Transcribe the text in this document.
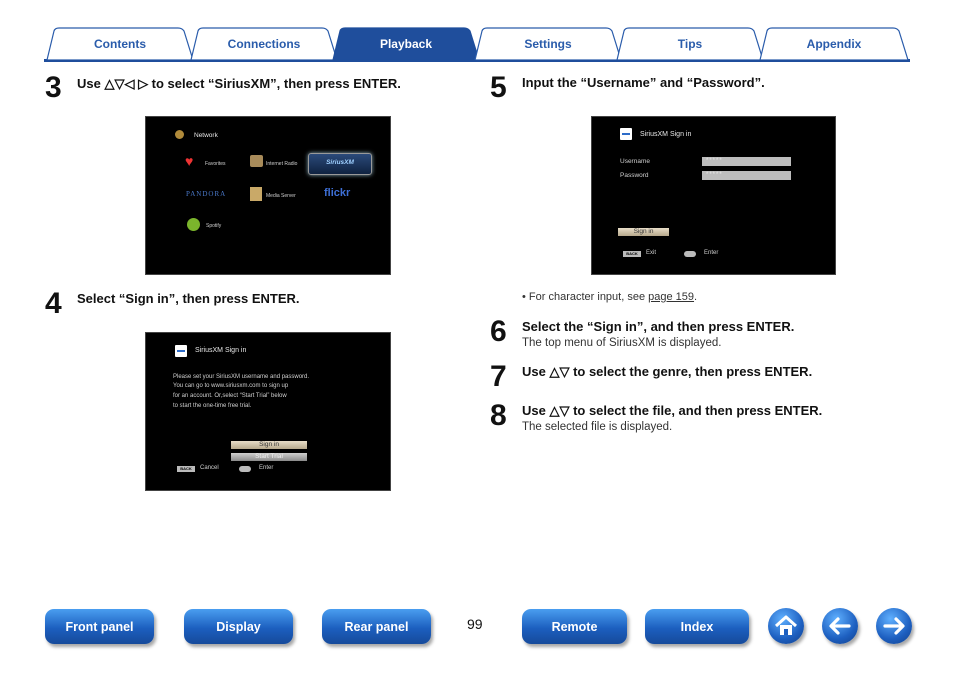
Contents	Connections	Playback	Settings	Tips	Appendix
3 Use △▽◁ ▷ to select “SiriusXM”, then press ENTER.
Network
♥	Favorites	Internet Radio	SiriusXM
PANDORA	Media Server	flickr
Spotify
4 Select “Sign in”, then press ENTER.
SiriusXM Sign in
Please set your SiriusXM username and password.
You can go to www.siriusxm.com to sign up
for an account. Or,select “Start Trial” below
to start the one-time free trial.
Sign in
Start Trial
BACK	Cancel	Enter
5 Input the “Username” and “Password”.
SiriusXM Sign in
Username	*****
Password	*****
Sign in
BACK	Exit	Enter
• For character input, see page 159.
6 Select the “Sign in”, and then press ENTER.
The top menu of SiriusXM is displayed.
7 Use △▽ to select the genre, then press ENTER.
8 Use △▽ to select the file, and then press ENTER.
The selected file is displayed.
Front panel	Display	Rear panel	99	Remote	Index
